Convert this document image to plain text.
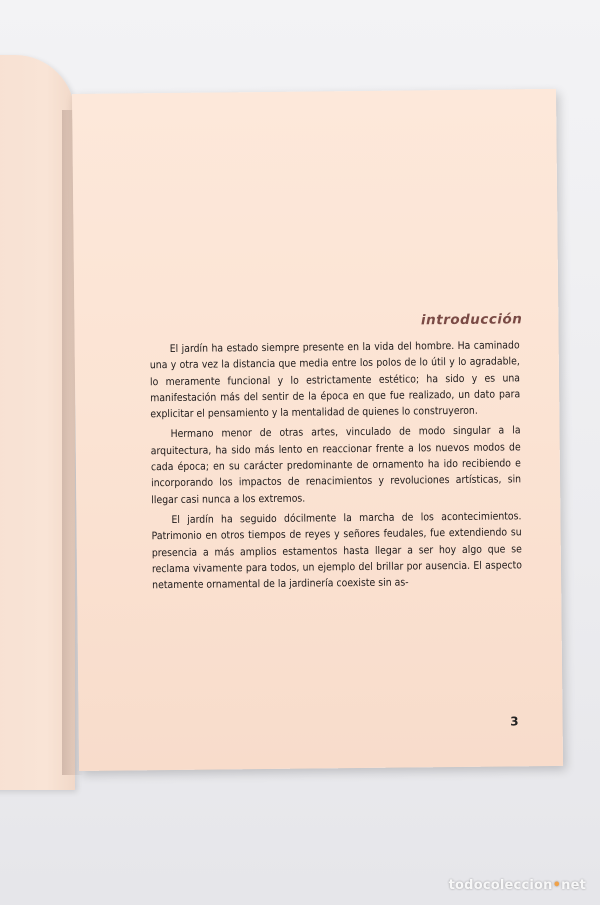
introducción

El jardín ha estado siempre presente en la vida del hombre. Ha caminado una y otra vez la distancia que media entre los polos de lo útil y lo agradable, lo meramente funcional y lo estrictamente estético; ha sido y es una manifestación más del sentir de la época en que fue realizado, un dato para explicitar el pensamiento y la mentalidad de quienes lo construyeron.

Hermano menor de otras artes, vinculado de modo singular a la arquitectura, ha sido más lento en reaccionar frente a los nuevos modos de cada época; en su carácter predominante de ornamento ha ido recibiendo e incorporando los impactos de renacimientos y revoluciones artísticas, sin llegar casi nunca a los extremos.

El jardín ha seguido dócilmente la marcha de los acontecimientos. Patrimonio en otros tiempos de reyes y señores feudales, fue extendiendo su presencia a más amplios estamentos hasta llegar a ser hoy algo que se reclama vivamente para todos, un ejemplo del brillar por ausencia. El aspecto netamente ornamental de la jardinería coexiste sin as-

3
todocoleccion•net
